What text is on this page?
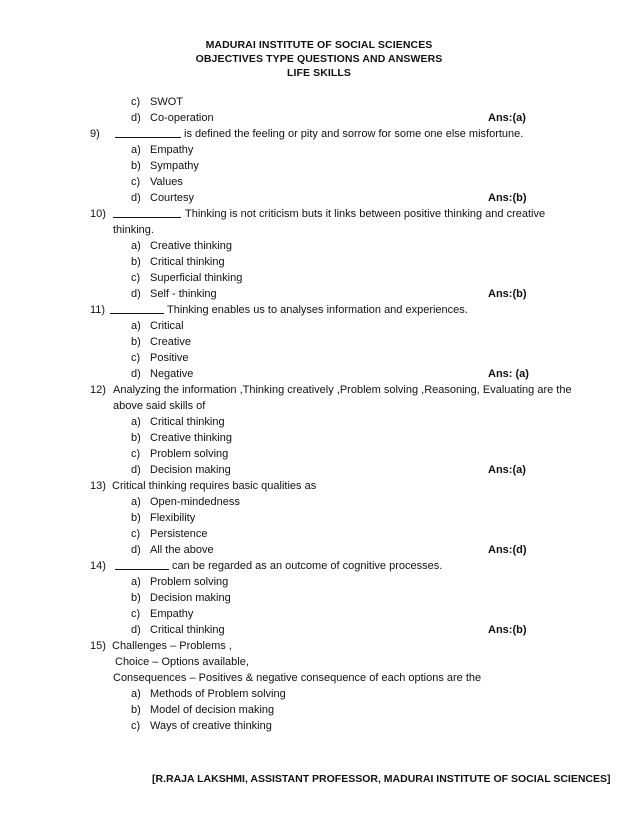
MADURAI INSTITUTE OF SOCIAL SCIENCES
OBJECTIVES TYPE QUESTIONS AND ANSWERS
LIFE SKILLS
c) SWOT
d) Co-operation	Ans:(a)
9)	is defined the feeling or pity and sorrow for some one else misfortune.
a) Empathy
b) Sympathy
c) Values
d) Courtesy	Ans:(b)
10)	Thinking is not criticism buts it links between positive thinking and creative
thinking.
a) Creative thinking
b) Critical thinking
c) Superficial thinking
d) Self - thinking	Ans:(b)
11)	Thinking enables us to analyses information and experiences.
a) Critical
b) Creative
c) Positive
d) Negative	Ans: (a)
12) Analyzing the information ,Thinking creatively ,Problem solving ,Reasoning, Evaluating are the
above said skills of
a) Critical thinking
b) Creative thinking
c) Problem solving
d) Decision making	Ans:(a)
13) Critical thinking requires basic qualities as
a) Open-mindedness
b) Flexibility
c) Persistence
d) All the above	Ans:(d)
14)	can be regarded as an outcome of cognitive processes.
a) Problem solving
b) Decision making
c) Empathy
d) Critical thinking	Ans:(b)
15) Challenges – Problems ,
Choice – Options available,
Consequences – Positives & negative consequence of each options are the
a) Methods of Problem solving
b) Model of decision making
c) Ways of creative thinking
[R.RAJA LAKSHMI, ASSISTANT PROFESSOR, MADURAI INSTITUTE OF SOCIAL SCIENCES]
